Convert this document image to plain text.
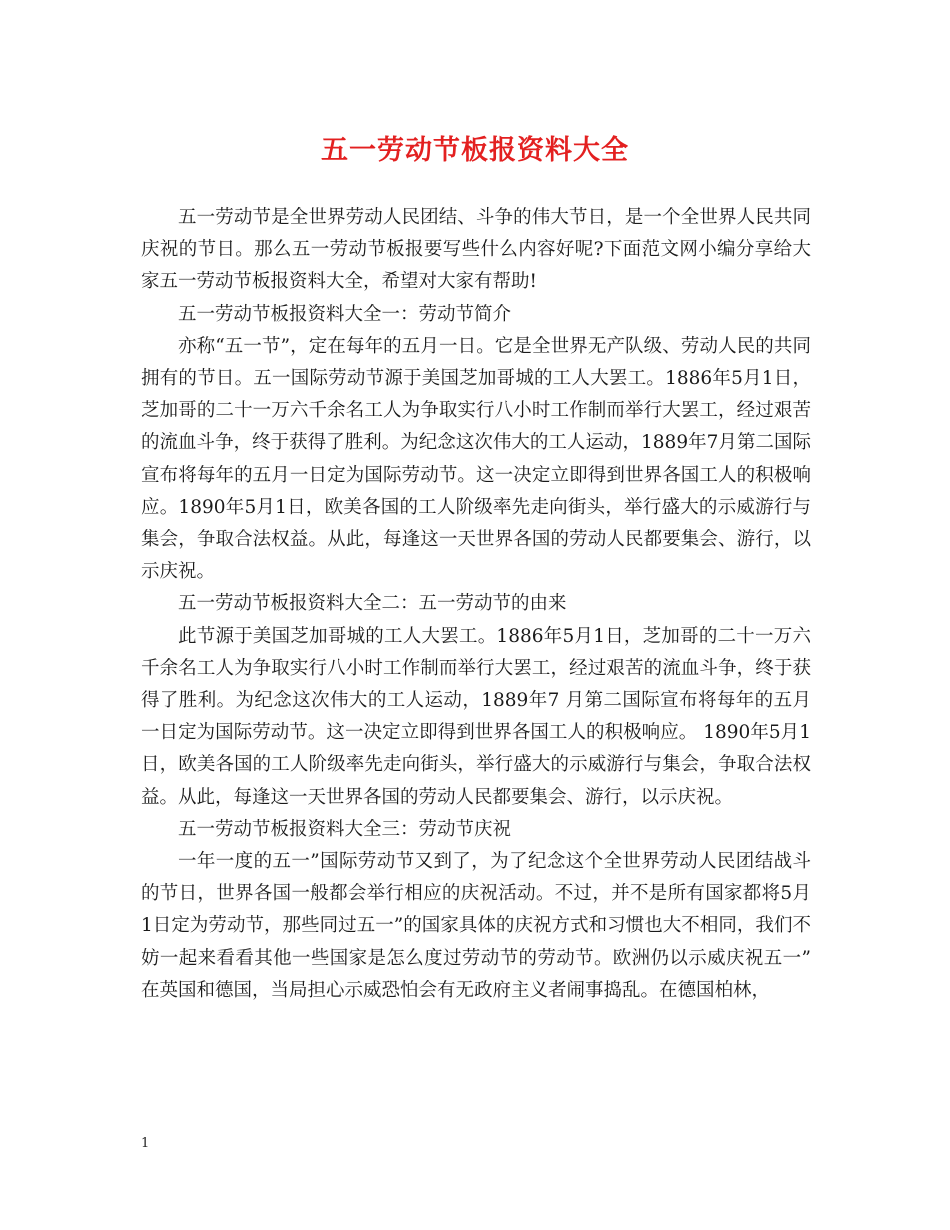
五一劳动节板报资料大全

五一劳动节是全世界劳动人民团结、斗争的伟大节日，是一个全世界人民共同庆祝的节日。那么五一劳动节板报要写些什么内容好呢?下面范文网小编分享给大家五一劳动节板报资料大全，希望对大家有帮助!

五一劳动节板报资料大全一：劳动节简介

亦称“五一节”，定在每年的五月一日。它是全世界无产队级、劳动人民的共同拥有的节日。五一国际劳动节源于美国芝加哥城的工人大罢工。1886年5月1日，芝加哥的二十一万六千余名工人为争取实行八小时工作制而举行大罢工，经过艰苦的流血斗争，终于获得了胜利。为纪念这次伟大的工人运动，1889年7月第二国际宣布将每年的五月一日定为国际劳动节。这一决定立即得到世界各国工人的积极响应。1890年5月1日，欧美各国的工人阶级率先走向街头，举行盛大的示威游行与集会，争取合法权益。从此，每逢这一天世界各国的劳动人民都要集会、游行，以示庆祝。

五一劳动节板报资料大全二：五一劳动节的由来

此节源于美国芝加哥城的工人大罢工。1886年5月1日，芝加哥的二十一万六千余名工人为争取实行八小时工作制而举行大罢工，经过艰苦的流血斗争，终于获得了胜利。为纪念这次伟大的工人运动，1889年7 月第二国际宣布将每年的五月一日定为国际劳动节。这一决定立即得到世界各国工人的积极响应。 1890年5月1日，欧美各国的工人阶级率先走向街头，举行盛大的示威游行与集会，争取合法权益。从此，每逢这一天世界各国的劳动人民都要集会、游行，以示庆祝。

五一劳动节板报资料大全三：劳动节庆祝

一年一度的五一”国际劳动节又到了，为了纪念这个全世界劳动人民团结战斗的节日，世界各国一般都会举行相应的庆祝活动。不过，并不是所有国家都将5月1日定为劳动节，那些同过五一”的国家具体的庆祝方式和习惯也大不相同，我们不妨一起来看看其他一些国家是怎么度过劳动节的劳动节。欧洲仍以示威庆祝五一” 在英国和德国，当局担心示威恐怕会有无政府主义者闹事捣乱。在德国柏林，

1
